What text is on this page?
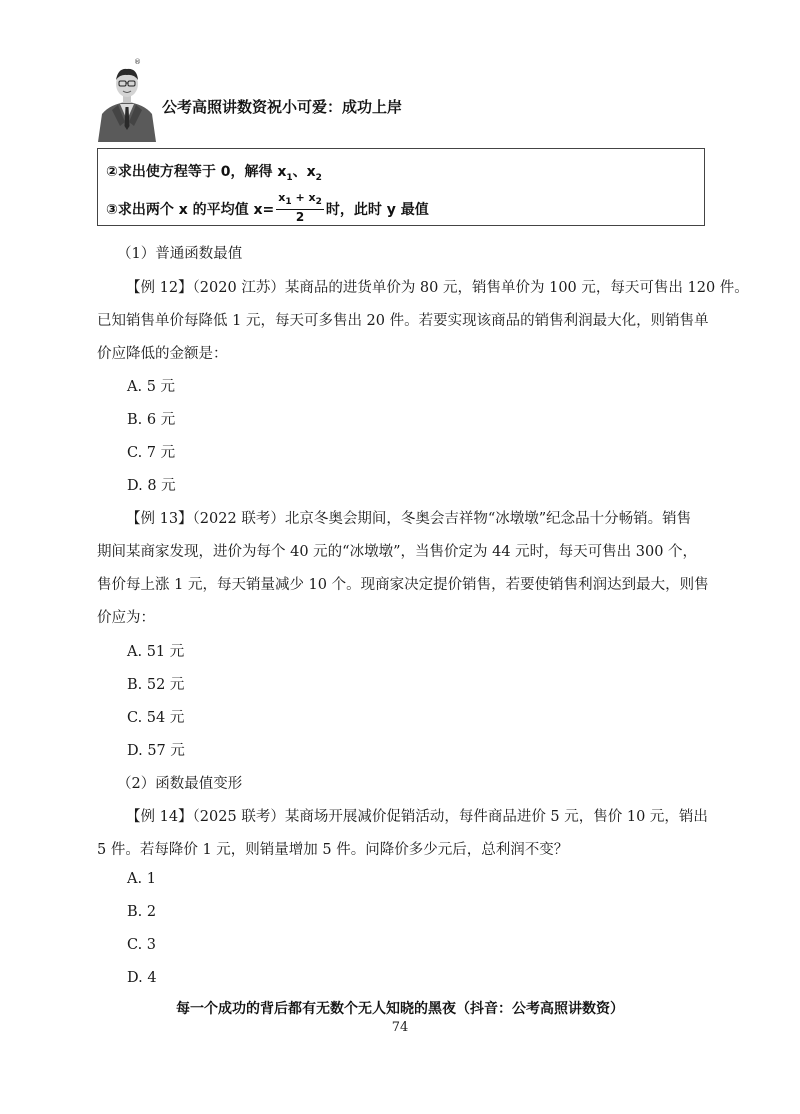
®
公考高照讲数资祝小可爱：成功上岸
②求出使方程等于 0，解得 $x_1$、$x_2$
③求出两个 x 的平均值 $x= \frac{x_1 + x_2}{2}$ 时，此时 y 最值
（1）普通函数最值
【例 12】（2020 江苏）某商品的进货单价为 80 元，销售单价为 100 元，每天可售出 120 件。
已知销售单价每降低 1 元，每天可多售出 20 件。若要实现该商品的销售利润最大化，则销售单
价应降低的金额是：
A. 5 元
B. 6 元
C. 7 元
D. 8 元
【例 13】（2022 联考）北京冬奥会期间，冬奥会吉祥物“冰墩墩”纪念品十分畅销。销售
期间某商家发现，进价为每个 40 元的“冰墩墩”，当售价定为 44 元时，每天可售出 300 个，
售价每上涨 1 元，每天销量减少 10 个。现商家决定提价销售，若要使销售利润达到最大，则售
价应为：
A. 51 元
B. 52 元
C. 54 元
D. 57 元
（2）函数最值变形
【例 14】（2025 联考）某商场开展减价促销活动，每件商品进价 5 元，售价 10 元，销出
5 件。若每降价 1 元，则销量增加 5 件。问降价多少元后，总利润不变？
A. 1
B. 2
C. 3
D. 4
每一个成功的背后都有无数个无人知晓的黑夜（抖音：公考高照讲数资）
74
